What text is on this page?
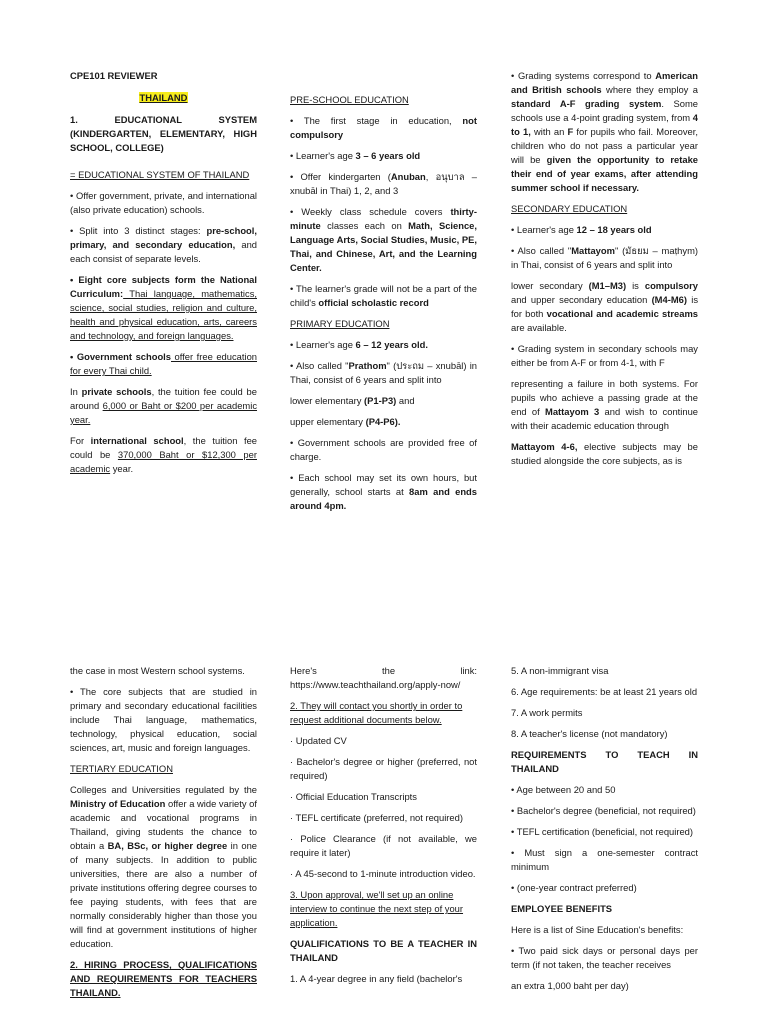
CPE101 REVIEWER

THAILAND

1. EDUCATIONAL SYSTEM (KINDERGARTEN, ELEMENTARY, HIGH SCHOOL, COLLEGE)

= EDUCATIONAL SYSTEM OF THAILAND

• Offer government, private, and international (also private education) schools.

• Split into 3 distinct stages: pre-school, primary, and secondary education, and each consist of separate levels.

• Eight core subjects form the National Curriculum: Thai language, mathematics, science, social studies, religion and culture, health and physical education, arts, careers and technology, and foreign languages.

• Government schools offer free education for every Thai child.

In private schools, the tuition fee could be around 6,000 or Baht or $200 per academic year.

For international school, the tuition fee could be 370,000 Baht or $12,300 per academic year.

PRE-SCHOOL EDUCATION

• The first stage in education, not compulsory

• Learner's age 3 – 6 years old

• Offer kindergarten (Anuban, อนุบาล – xnubāl in Thai) 1, 2, and 3

• Weekly class schedule covers thirty-minute classes each on Math, Science, Language Arts, Social Studies, Music, PE, Thai, and Chinese, Art, and the Learning Center.

• The learner's grade will not be a part of the child's official scholastic record

PRIMARY EDUCATION

• Learner's age 6 – 12 years old.

• Also called "Prathom" (ประถม – xnubāl) in Thai, consist of 6 years and split into

lower elementary (P1-P3) and

upper elementary (P4-P6).

• Government schools are provided free of charge.

• Each school may set its own hours, but generally, school starts at 8am and ends around 4pm.

• Grading systems correspond to American and British schools where they employ a standard A-F grading system. Some schools use a 4-point grading system, from 4 to 1, with an F for pupils who fail. Moreover, children who do not pass a particular year will be given the opportunity to retake their end of year exams, after attending summer school if necessary.

SECONDARY EDUCATION

• Learner's age 12 – 18 years old

• Also called "Mattayom" (มัธยม – maṭhym) in Thai, consist of 6 years and split into

lower secondary (M1–M3) is compulsory and upper secondary education (M4-M6) is for both vocational and academic streams are available.

• Grading system in secondary schools may either be from A-F or from 4-1, with F

representing a failure in both systems. For pupils who achieve a passing grade at the end of Mattayom 3 and wish to continue with their academic education through

Mattayom 4-6, elective subjects may be studied alongside the core subjects, as is

the case in most Western school systems.

• The core subjects that are studied in primary and secondary educational facilities include Thai language, mathematics, technology, physical education, social sciences, art, music and foreign languages.

TERTIARY EDUCATION

Colleges and Universities regulated by the Ministry of Education offer a wide variety of academic and vocational programs in Thailand, giving students the chance to obtain a BA, BSc, or higher degree in one of many subjects. In addition to public universities, there are also a number of private institutions offering degree courses to fee paying students, with fees that are normally considerably higher than those you will find at government institutions of higher education.

2. HIRING PROCESS, QUALIFICATIONS AND REQUIREMENTS FOR TEACHERS THAILAND.

Here's the link: https://www.teachthailand.org/apply-now/

2. They will contact you shortly in order to request additional documents below.

· Updated CV

· Bachelor's degree or higher (preferred, not required)

· Official Education Transcripts

· TEFL certificate (preferred, not required)

· Police Clearance (if not available, we require it later)

· A 45-second to 1-minute introduction video.

3. Upon approval, we'll set up an online interview to continue the next step of your application.

QUALIFICATIONS TO BE A TEACHER IN THAILAND

1. A 4-year degree in any field (bachelor's

5. A non-immigrant visa

6. Age requirements: be at least 21 years old

7. A work permits

8. A teacher's license (not mandatory)

REQUIREMENTS TO TEACH IN THAILAND

• Age between 20 and 50

• Bachelor's degree (beneficial, not required)

• TEFL certification (beneficial, not required)

• Must sign a one-semester contract minimum

• (one-year contract preferred)

EMPLOYEE BENEFITS

Here is a list of Sine Education's benefits:

• Two paid sick days or personal days per term (if not taken, the teacher receives

an extra 1,000 baht per day)
